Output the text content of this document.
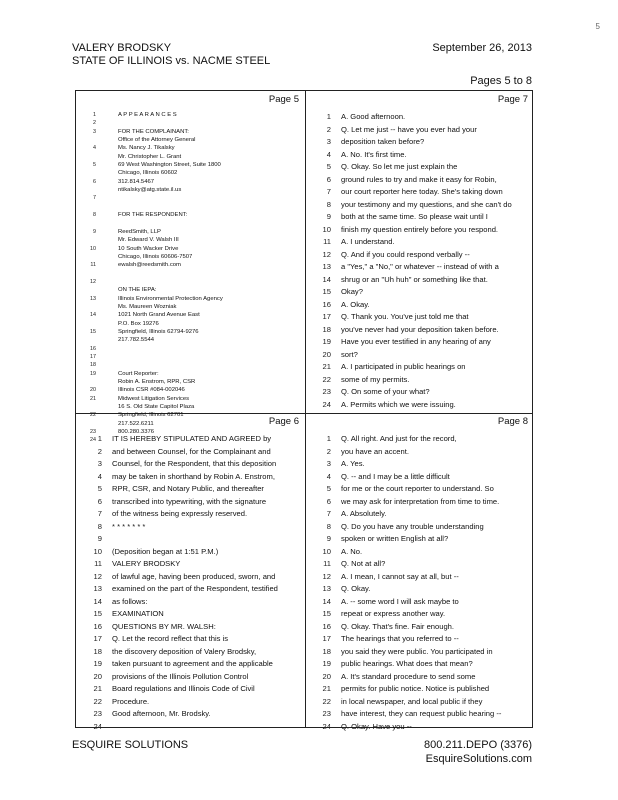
5
VALERY BRODSKY
STATE OF ILLINOIS vs. NACME STEEL
September 26, 2013
Pages 5 to 8
Page 5
1	A P P E A R A N C E S
2
3	FOR THE COMPLAINANT:
Office of the Attorney General
4	Ms. Nancy J. Tikalsky
Mr. Christopher L. Grant
5	69 West Washington Street, Suite 1800
Chicago, Illinois 60602
6	312.814.5467
ntikalsky@atg.state.il.us
7
8	FOR THE RESPONDENT:
9	ReedSmith, LLP
Mr. Edward V. Walsh III
10	10 South Wacker Drive
Chicago, Illinois 60606-7507
11	ewalsh@reedsmith.com
12
ON THE IEPA:
13	Illinois Environmental Protection Agency
Ms. Maureen Wozniak
14	1021 North Grand Avenue East
P.O. Box 19276
15	Springfield, Illinois 62794-9276
217.782.5544
16
17
18
19	Court Reporter:
Robin A. Enstrom, RPR, CSR
20	Illinois CSR #084-002046
21	Midwest Litigation Services
16 S. Old State Capitol Plaza
22	Springfield, Illinois 62701
217.522.6211
23	800.280.3376
24
Page 7
1	A. Good afternoon.
2	Q. Let me just -- have you ever had your
3	deposition taken before?
4	A. No. It's first time.
5	Q. Okay. So let me just explain the
6	ground rules to try and make it easy for Robin,
7	our court reporter here today. She's taking down
8	your testimony and my questions, and she can't do
9	both at the same time. So please wait until I
10	finish my question entirely before you respond.
11	A. I understand.
12	Q. And if you could respond verbally --
13	a "Yes," a "No," or whatever -- instead of with a
14	shrug or an "Uh huh" or something like that.
15	Okay?
16	A. Okay.
17	Q. Thank you. You've just told me that
18	you've never had your deposition taken before.
19	Have you ever testified in any hearing of any
20	sort?
21	A. I participated in public hearings on
22	some of my permits.
23	Q. On some of your what?
24	A. Permits which we were issuing.
Page 6
1	IT IS HEREBY STIPULATED AND AGREED by
2	and between Counsel, for the Complainant and
3	Counsel, for the Respondent, that this deposition
4	may be taken in shorthand by Robin A. Enstrom,
5	RPR, CSR, and Notary Public, and thereafter
6	transcribed into typewriting, with the signature
7	of the witness being expressly reserved.
8	* * * * * * *
9
10	(Deposition began at 1:51 P.M.)
11	VALERY BRODSKY
12	of lawful age, having been produced, sworn, and
13	examined on the part of the Respondent, testified
14	as follows:
15	EXAMINATION
16	QUESTIONS BY MR. WALSH:
17	Q. Let the record reflect that this is
18	the discovery deposition of Valery Brodsky,
19	taken pursuant to agreement and the applicable
20	provisions of the Illinois Pollution Control
21	Board regulations and Illinois Code of Civil
22	Procedure.
23	Good afternoon, Mr. Brodsky.
24
Page 8
1	Q. All right. And just for the record,
2	you have an accent.
3	A. Yes.
4	Q. -- and I may be a little difficult
5	for me or the court reporter to understand. So
6	we may ask for interpretation from time to time.
7	A. Absolutely.
8	Q. Do you have any trouble understanding
9	spoken or written English at all?
10	A. No.
11	Q. Not at all?
12	A. I mean, I cannot say at all, but --
13	Q. Okay.
14	A. -- some word I will ask maybe to
15	repeat or express another way.
16	Q. Okay. That's fine. Fair enough.
17	The hearings that you referred to --
18	you said they were public. You participated in
19	public hearings. What does that mean?
20	A. It's standard procedure to send some
21	permits for public notice. Notice is published
22	in local newspaper, and local public if they
23	have interest, they can request public hearing --
24	Q. Okay. Have you --
ESQUIRE SOLUTIONS	800.211.DEPO (3376)
EsquireSolutions.com
